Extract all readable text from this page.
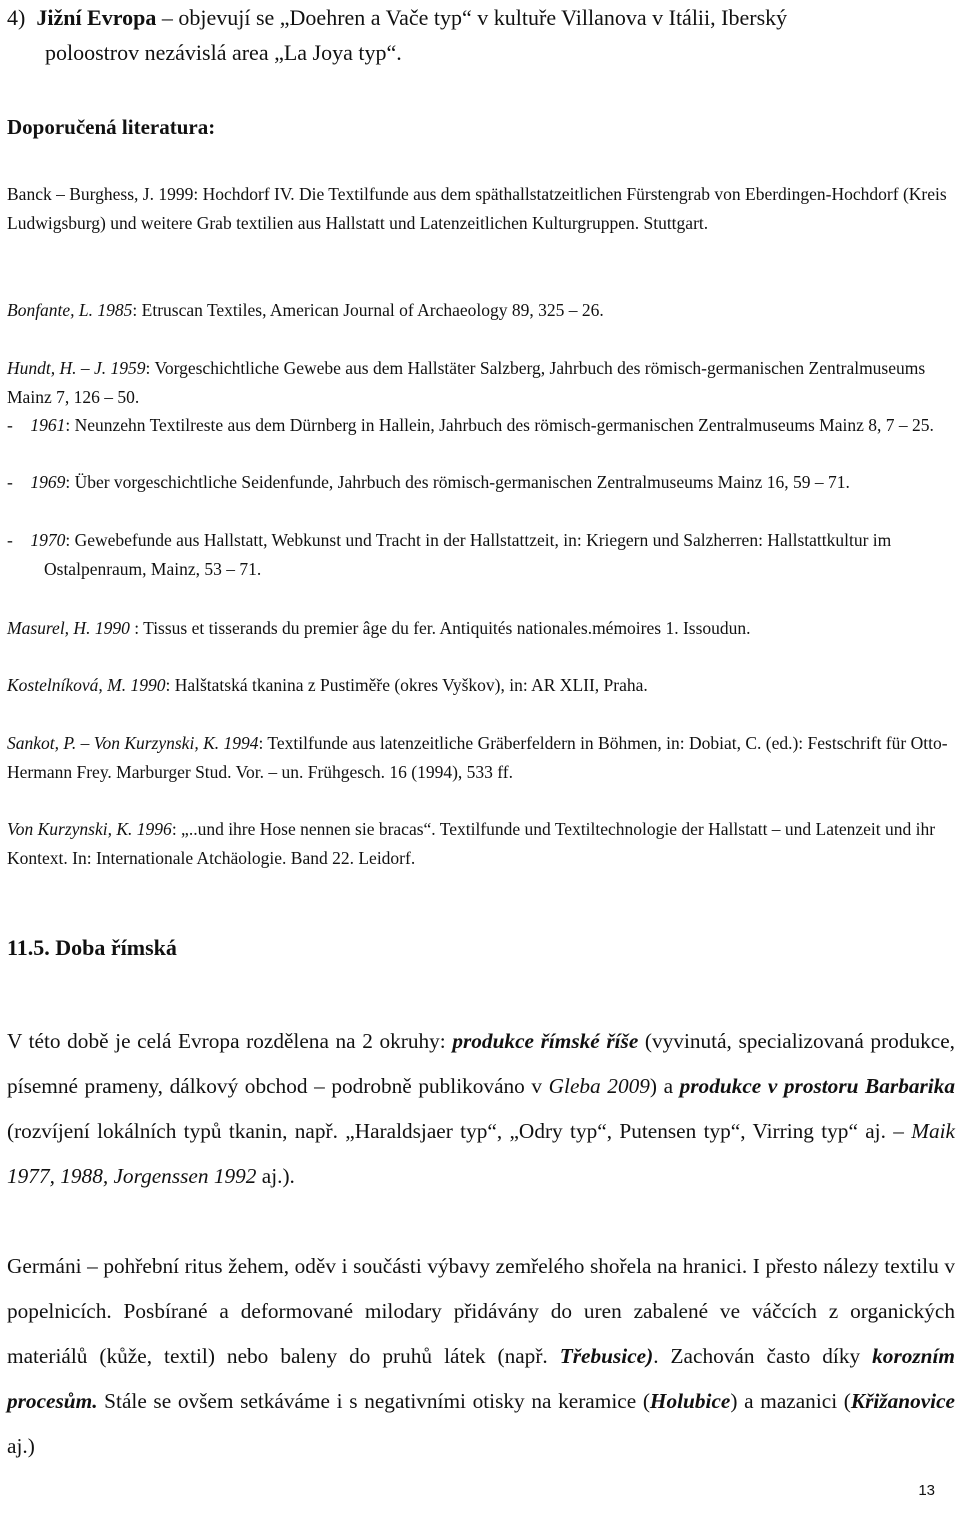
4) Jižní Evropa – objevují se „Doehren a Vače typ“ v kultuře Villanova v Itálii, Iberský
poloostrov nezávislá area „La Joya typ“.
Doporučená literatura:
Banck – Burghess, J. 1999: Hochdorf IV. Die Textilfunde aus dem späthallstatzeitlichen Fürstengrab von Eberdingen-Hochdorf (Kreis Ludwigsburg) und weitere Grab textilien aus Hallstatt und Latenzeitlichen Kulturgruppen. Stuttgart.
Bonfante, L. 1985: Etruscan Textiles, American Journal of Archaeology 89, 325 – 26.
Hundt, H. – J. 1959: Vorgeschichtliche Gewebe aus dem Hallstäter Salzberg, Jahrbuch des römisch-germanischen Zentralmuseums Mainz 7, 126 – 50.
- 1961: Neunzehn Textilreste aus dem Dürnberg in Hallein, Jahrbuch des römisch-germanischen Zentralmuseums Mainz 8, 7 – 25.
- 1969: Über vorgeschichtliche Seidenfunde, Jahrbuch des römisch-germanischen Zentralmuseums Mainz 16, 59 – 71.
- 1970: Gewebefunde aus Hallstatt, Webkunst und Tracht in der Hallstattzeit, in: Kriegern und Salzherren: Hallstattkultur im Ostalpenraum, Mainz, 53 – 71.
Masurel, H. 1990 : Tissus et tisserands du premier âge du fer. Antiquités nationales.mémoires 1. Issoudun.
Kostelníková, M. 1990: Halštatská tkanina z Pustiměře (okres Vyškov), in: AR XLII, Praha.
Sankot, P. – Von Kurzynski, K. 1994: Textilfunde aus latenzeitliche Gräberfeldern in Böhmen, in: Dobiat, C. (ed.): Festschrift für Otto-Hermann Frey. Marburger Stud. Vor. – un. Frühgesch. 16 (1994), 533 ff.
Von Kurzynski, K. 1996: „..und ihre Hose nennen sie bracas“. Textilfunde und Textiltechnologie der Hallstatt – und Latenzeit und ihr Kontext. In: Internationale Atchäologie. Band 22. Leidorf.
11.5. Doba římská
V této době je celá Evropa rozdělena na 2 okruhy: produkce římské říše (vyvinutá, specializovaná produkce, písemné prameny, dálkový obchod – podrobně publikováno v Gleba 2009) a produkce v prostoru Barbarika (rozvíjení lokálních typů tkanin, např. „Haraldsjaer typ“, „Odry typ“, Putensen typ“, Virring typ“ aj. – Maik 1977, 1988, Jorgenssen 1992 aj.).
Germáni – pohřební ritus žehem, oděv i součásti výbavy zemřelého shořela na hranici. I přesto nálezy textilu v popelnicích. Posbírané a deformované milodary přidávány do uren zabalené ve váčcích z organických materiálů (kůže, textil) nebo baleny do pruhů látek (např. Třebusice). Zachován často díky korozním procesům. Stále se ovšem setkáváme i s negativními otisky na keramice (Holubice) a mazanici (Křižanovice aj.)
13
